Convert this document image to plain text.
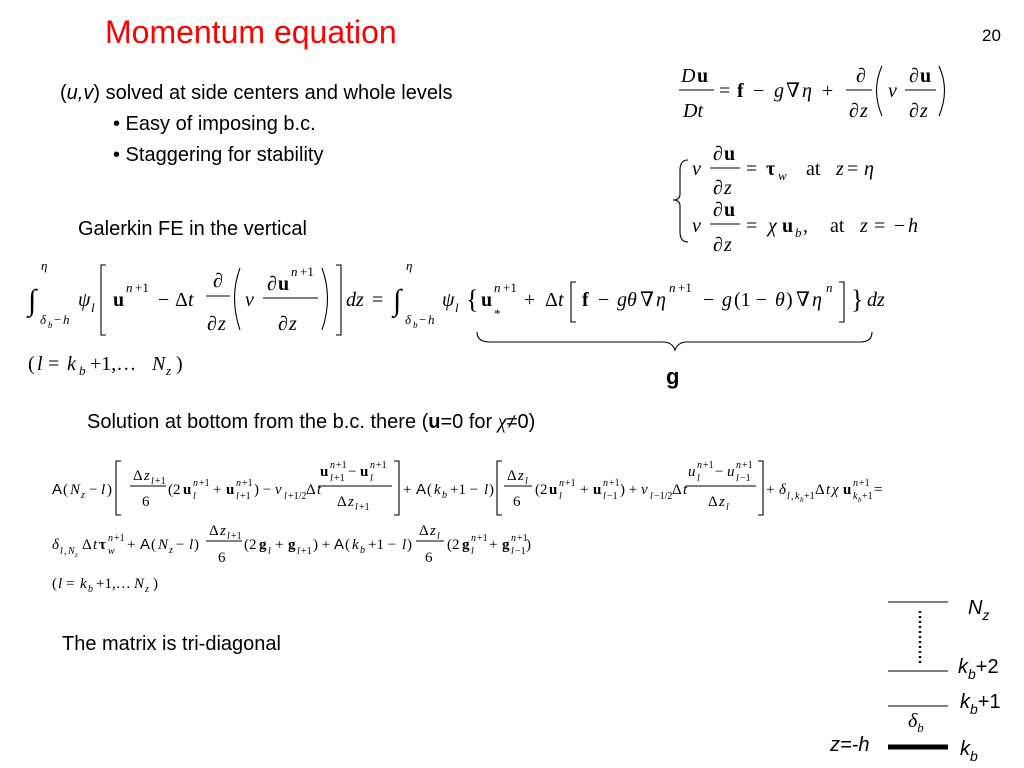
Momentum equation	20
(u,v) solved at side centers and whole levels
• Easy of imposing b.c.
• Staggering for stability
Galerkin FE in the vertical
Solution at bottom from the b.c. there (u=0 for χ≠0)
The matrix is tri-diagonal
D u
Dt
= f − g ∇ η +
∂
∂ z
ν
∂ u
∂ z
ν
∂ u
∂ z
= τ w at z = η
ν
∂ u
∂ z
= χ u b , at z = − h
∫
η
δ b − h
ψ l u
n +1
− Δ t
∂
∂ z
ν
∂ u
n +1
∂ z
dz = ∫
η
δ b − h
ψ l { u
n +1
*
+ Δ t f − gθ ∇ η
n +1
− g (1 − θ ) ∇ η
n } dz
( l = k b +1,… N z )	g
A ( N z − l )
Δ z l +1
6
(2 u n +1
l + u n +1
l +1 ) − ν l +1/2 Δ t
u n +1
l +1 − u n +1
l
Δ z l +1
+ A ( k b +1 − l )
Δ z l
6
(2 u n +1
l + u n +1
l −1 ) + ν l −1/2 Δ t
u n +1
l − u n +1
l −1
Δ z l
+ δ l , k b +1 Δ t χ u n +1
k b +1 =
δ l , N z
Δ t τ n +1
w + A ( N z − l )
Δ z l +1
6
(2 g l + g l +1 ) + A ( k b +1 − l )
Δ z l
6
(2 g n +1
l + g n +1
l −1 )
( l = k b +1,… N z )
$N_z$
$k_b+2$
$k_b+1$
$\delta_b$
$k_b$
z=-h
